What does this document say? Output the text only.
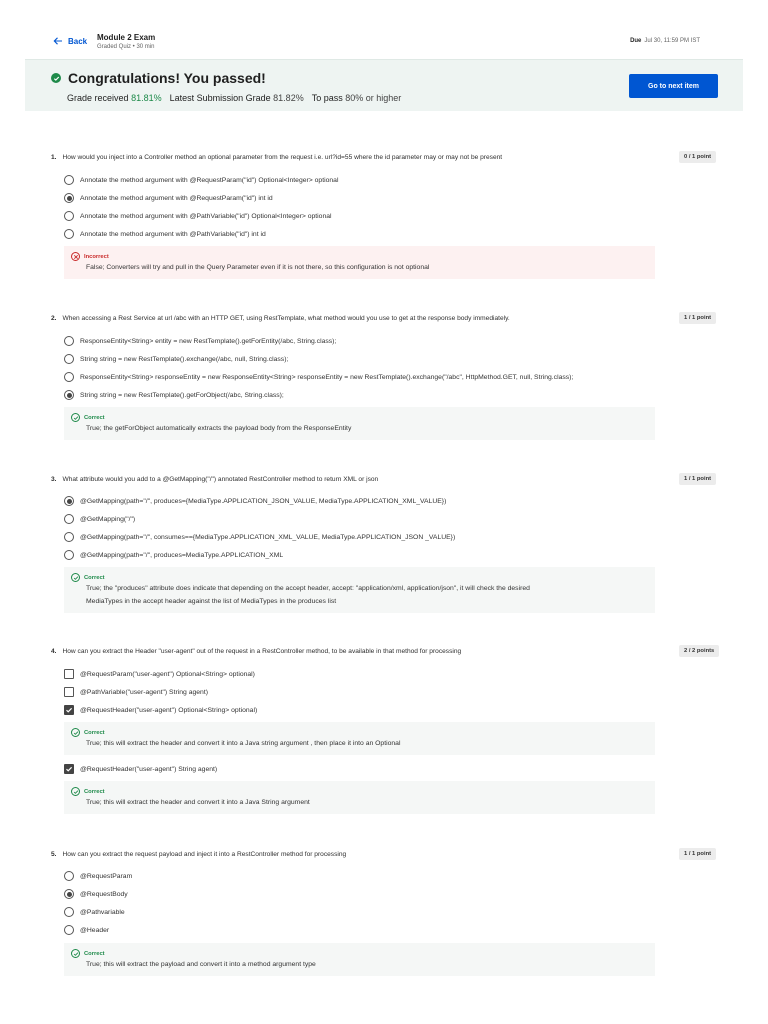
Back Module 2 Exam
Graded Quiz • 30 min
Due Jul 30, 11:59 PM IST
Congratulations! You passed!
Grade received 81.81% Latest Submission Grade 81.82% To pass 80% or higher
Go to next item
1. How would you inject into a Controller method an optional parameter from the request i.e. url?id=55 where the id parameter may or may not be present	0 / 1 point
Annotate the method argument with @RequestParam("id") Optional<Integer> optional
Annotate the method argument with @RequestParam("id") int id
Annotate the method argument with @PathVariable("id") Optional<Integer> optional
Annotate the method argument with @PathVariable("id") int id
Incorrect
False; Converters will try and pull in the Query Parameter even if it is not there, so this configuration is not optional
2. When accessing a Rest Service at url /abc with an HTTP GET, using RestTemplate, what method would you use to get at the response body immediately.	1 / 1 point
ResponseEntity<String> entity = new RestTemplate().getForEntity(/abc, String.class);
String string = new RestTemplate().exchange(/abc, null, String.class);
ResponseEntity<String> responseEntity = new ResponseEntity<String> responseEntity = new RestTemplate().exchange("/abc", HttpMethod.GET, null, String.class);
String string = new RestTemplate().getForObject(/abc, String.class);
Correct
True; the getForObject automatically extracts the payload body from the ResponseEntity
3. What attribute would you add to a @GetMapping("/") annotated RestController method to return XML or json	1 / 1 point
@GetMapping(path="/", produces={MediaType.APPLICATION_JSON_VALUE, MediaType.APPLICATION_XML_VALUE})
@GetMapping("/")
@GetMapping(path="/", consumes=={MediaType.APPLICATION_XML_VALUE, MediaType.APPLICATION_JSON _VALUE})
@GetMapping(path="/", produces=MediaType.APPLICATION_XML
Correct
True; the "produces" attribute does indicate that depending on the accept header, accept: "application/xml, application/json", it will check the desired
MediaTypes in the accept header against the list of MediaTypes in the produces list
4. How can you extract the Header "user-agent" out of the request in a RestController method, to be available in that method for processing	2 / 2 points
@RequestParam("user-agent") Optional<String> optional)
@PathVariable("user-agent") String agent)
@RequestHeader("user-agent") Optional<String> optional)
Correct
True; this will extract the header and convert it into a Java string argument , then place it into an Optional
@RequestHeader("user-agent") String agent)
Correct
True; this will extract the header and convert it into a Java String argument
5. How can you extract the request payload and inject it into a RestController method for processing	1 / 1 point
@RequestParam
@RequestBody
@Pathvariable
@Header
Correct
True; this will extract the payload and convert it into a method argument type
